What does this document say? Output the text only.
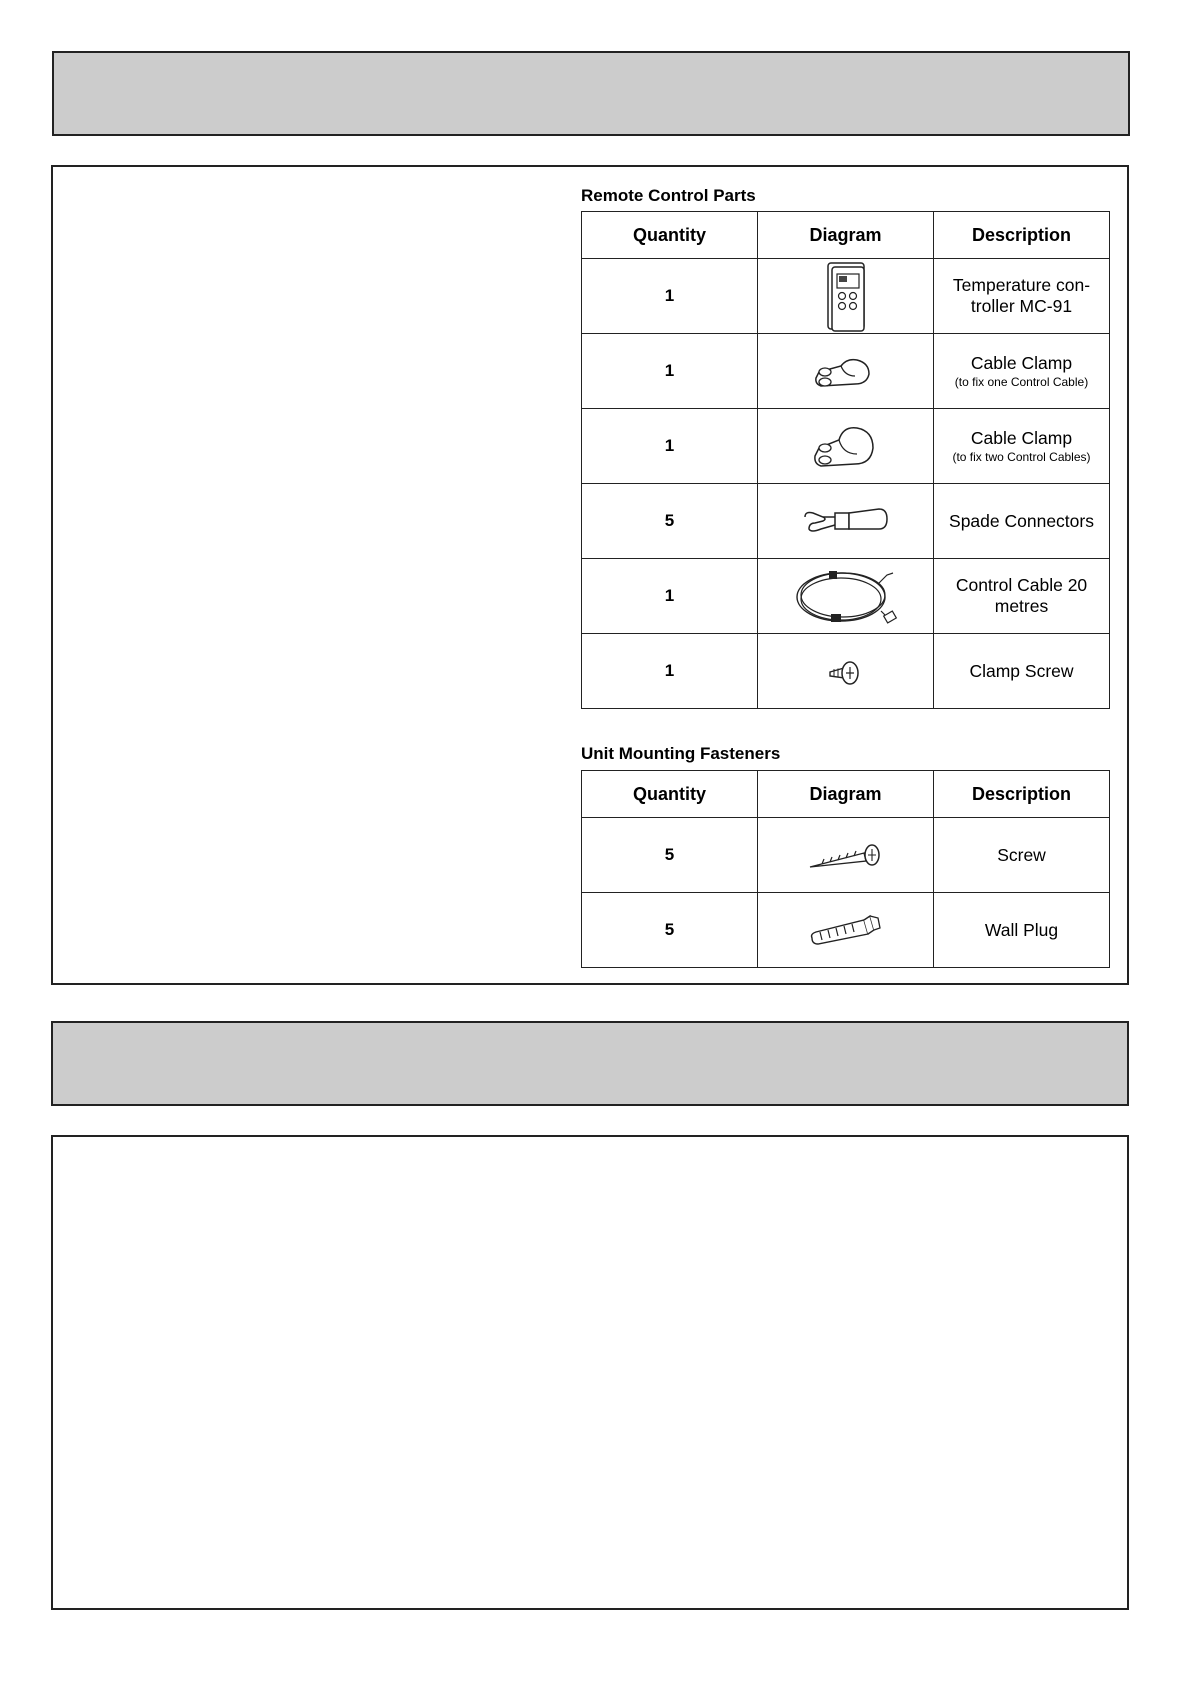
Remote Control Parts
Quantity	Diagram	Description
1		Temperature con-
troller MC-91
1		Cable Clamp
(to fix one Control Cable)

1		Cable Clamp
(to fix two Control Cables)

5		Spade Connectors
1		Control Cable 20 metres
1		Clamp Screw
Unit Mounting Fasteners
Quantity	Diagram	Description
5		Screw
5		Wall Plug
